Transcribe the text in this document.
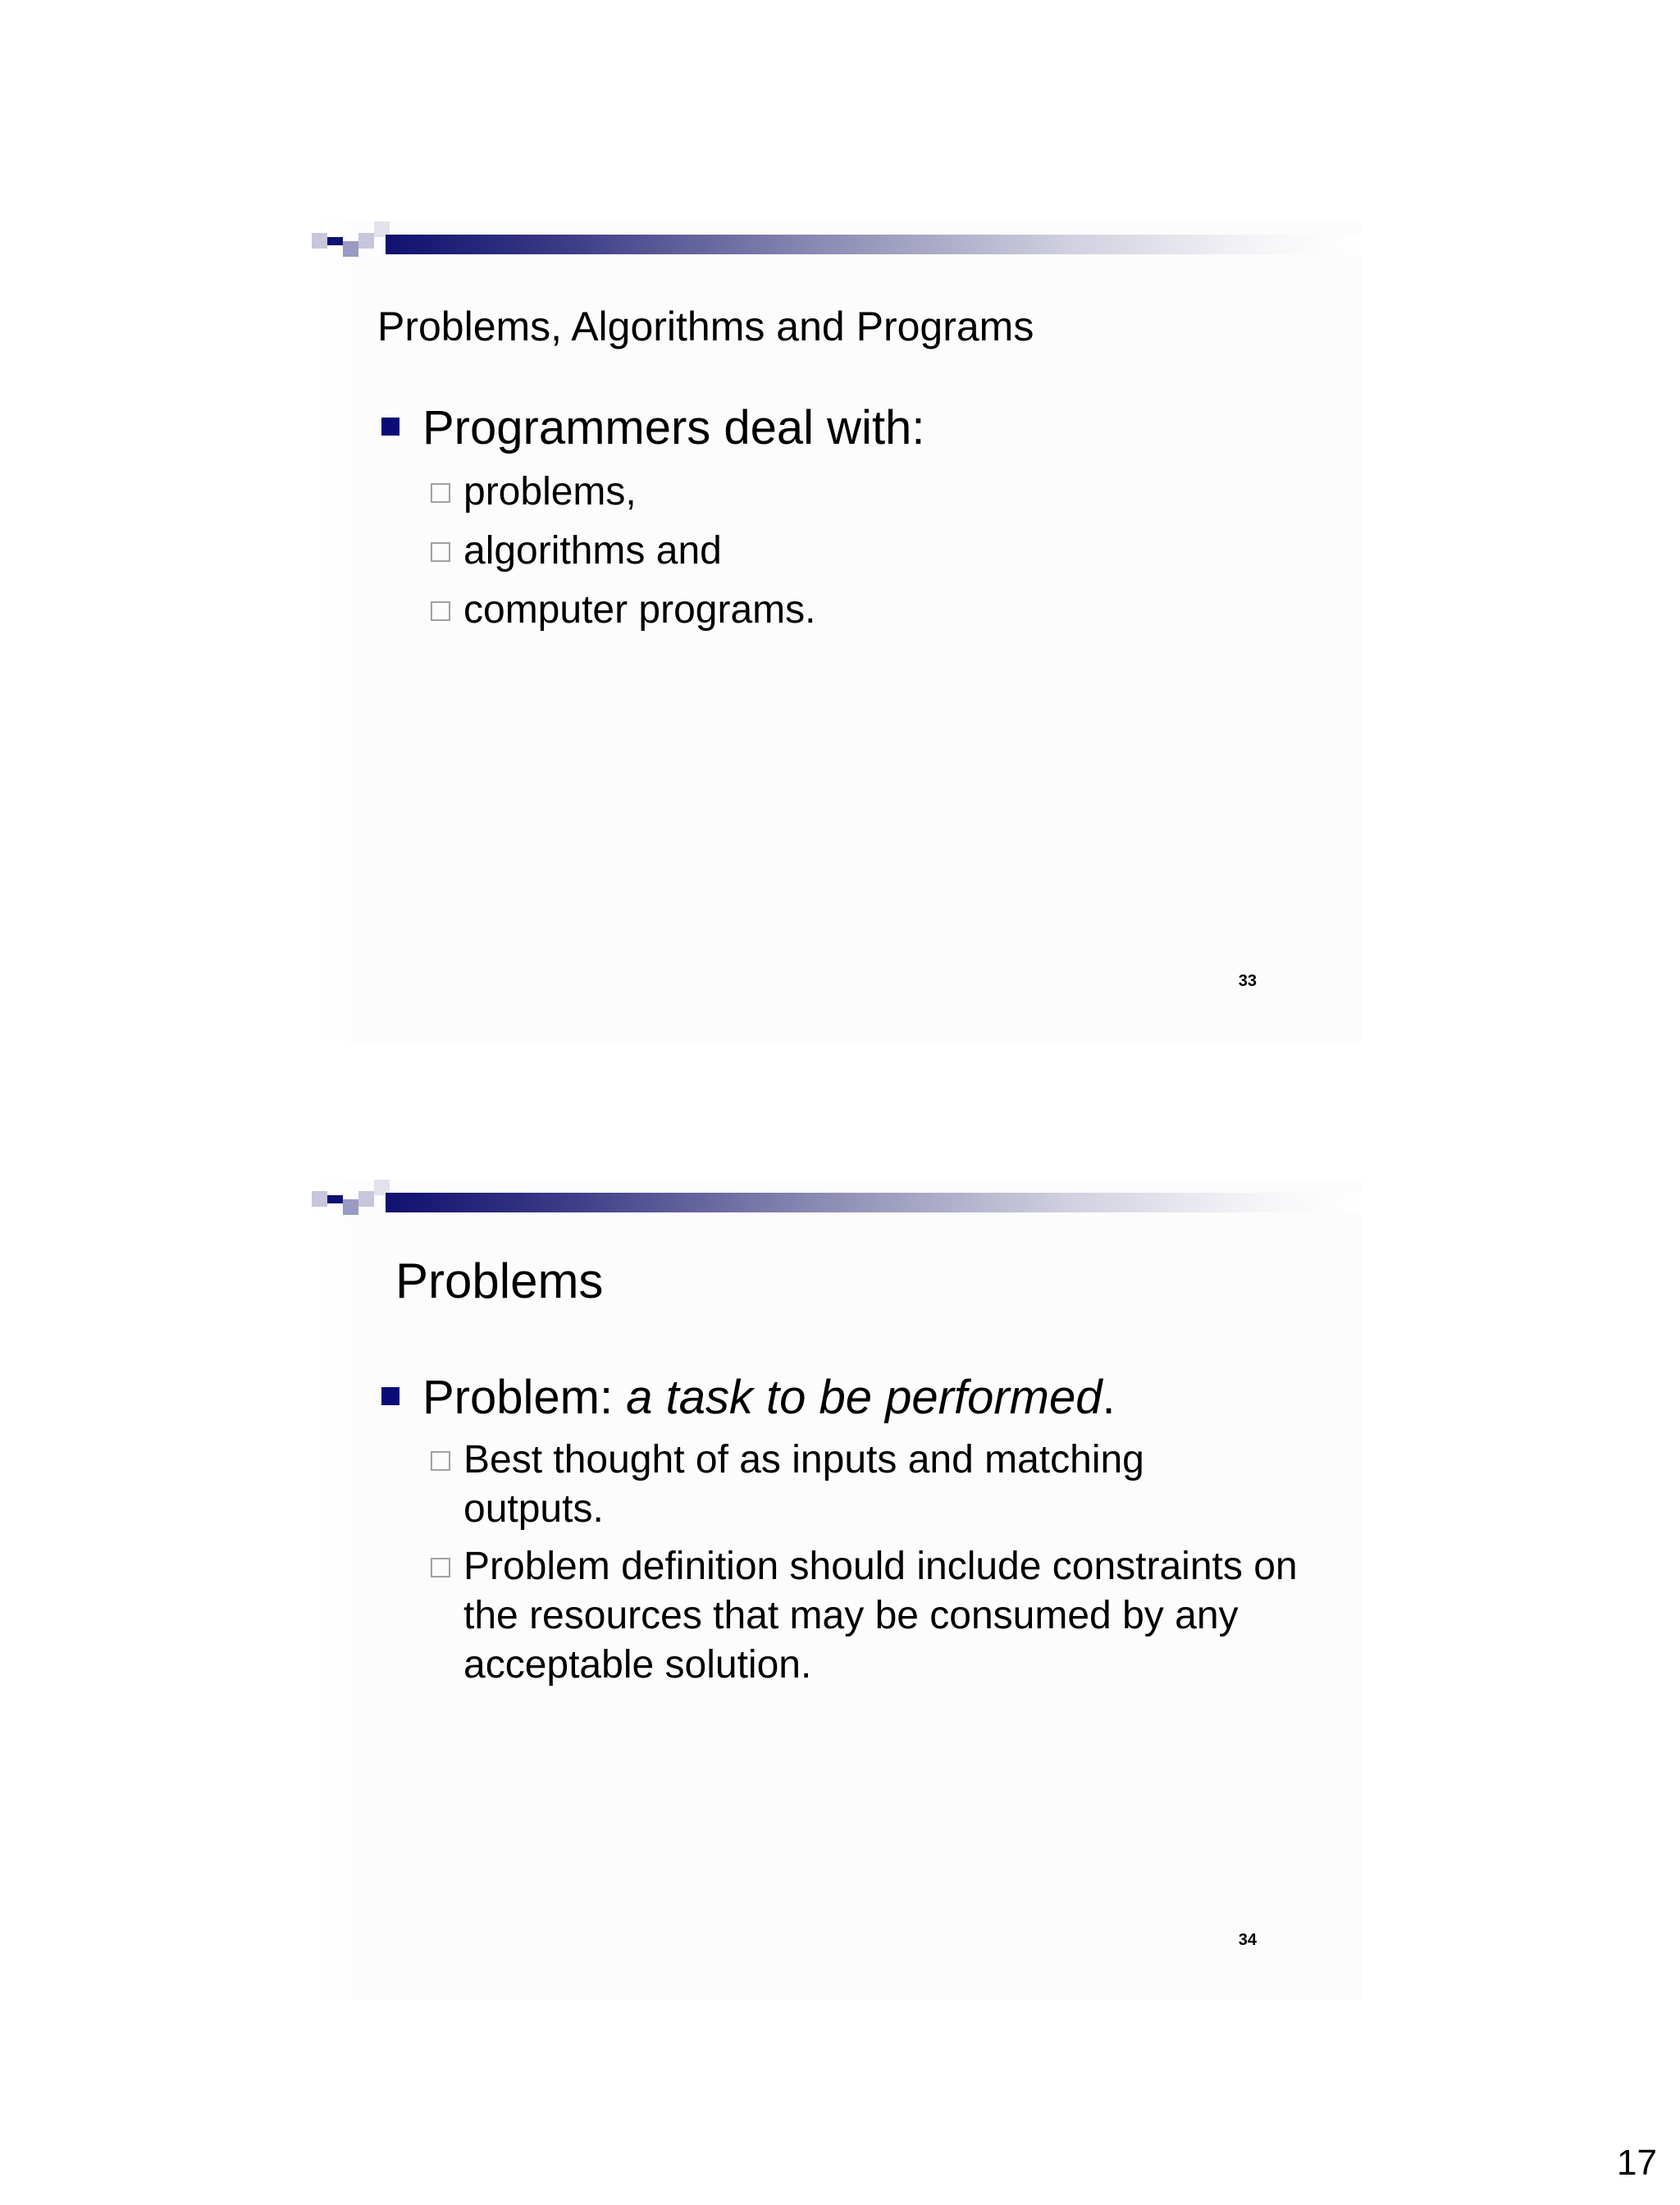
Problems, Algorithms and Programs
Programmers deal with:
problems,
algorithms and
computer programs.
33
Problems
Problem: a task to be performed.
Best thought of as inputs and matching outputs.
Problem definition should include constraints on the resources that may be consumed by any acceptable solution.
34
17
